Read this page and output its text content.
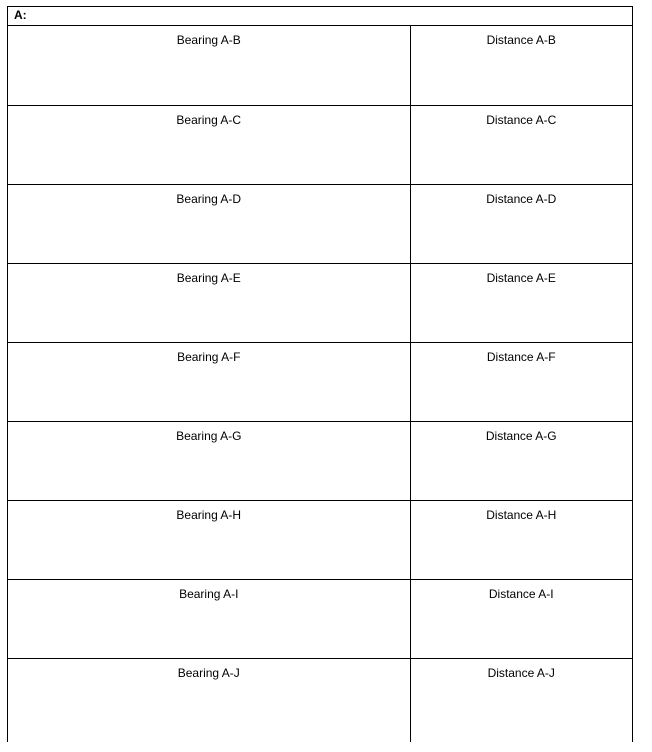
A:
Bearing A-B	Distance A-B
Bearing A-C	Distance A-C
Bearing A-D	Distance A-D
Bearing A-E	Distance A-E
Bearing A-F	Distance A-F
Bearing A-G	Distance A-G
Bearing A-H	Distance A-H
Bearing A-I	Distance A-I
Bearing A-J	Distance A-J
